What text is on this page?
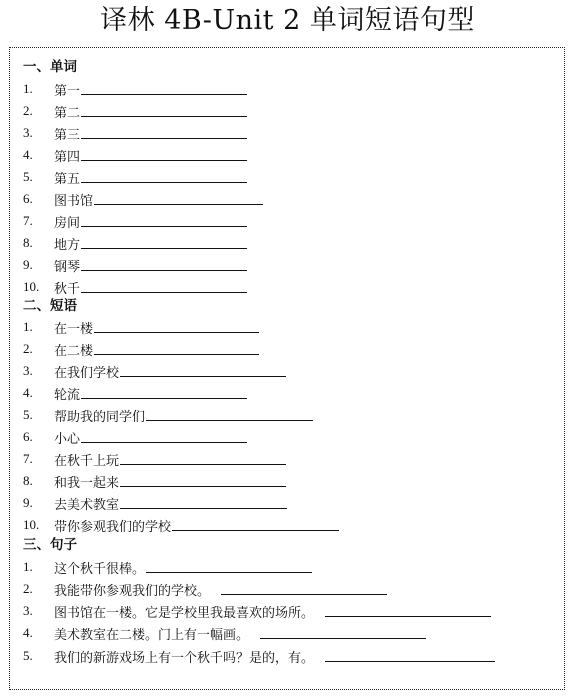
译林 4B-Unit 2 单词短语句型
一、单词
1. 第一
2. 第二
3. 第三
4. 第四
5. 第五
6. 图书馆
7. 房间
8. 地方
9. 钢琴
10. 秋千
二、短语
1. 在一楼
2. 在二楼
3. 在我们学校
4. 轮流
5. 帮助我的同学们
6. 小心
7. 在秋千上玩
8. 和我一起来
9. 去美术教室
10. 带你参观我们的学校
三、句子
1. 这个秋千很棒。
2. 我能带你参观我们的学校。
3. 图书馆在一楼。它是学校里我最喜欢的场所。
4. 美术教室在二楼。门上有一幅画。
5. 我们的新游戏场上有一个秋千吗？是的，有。
